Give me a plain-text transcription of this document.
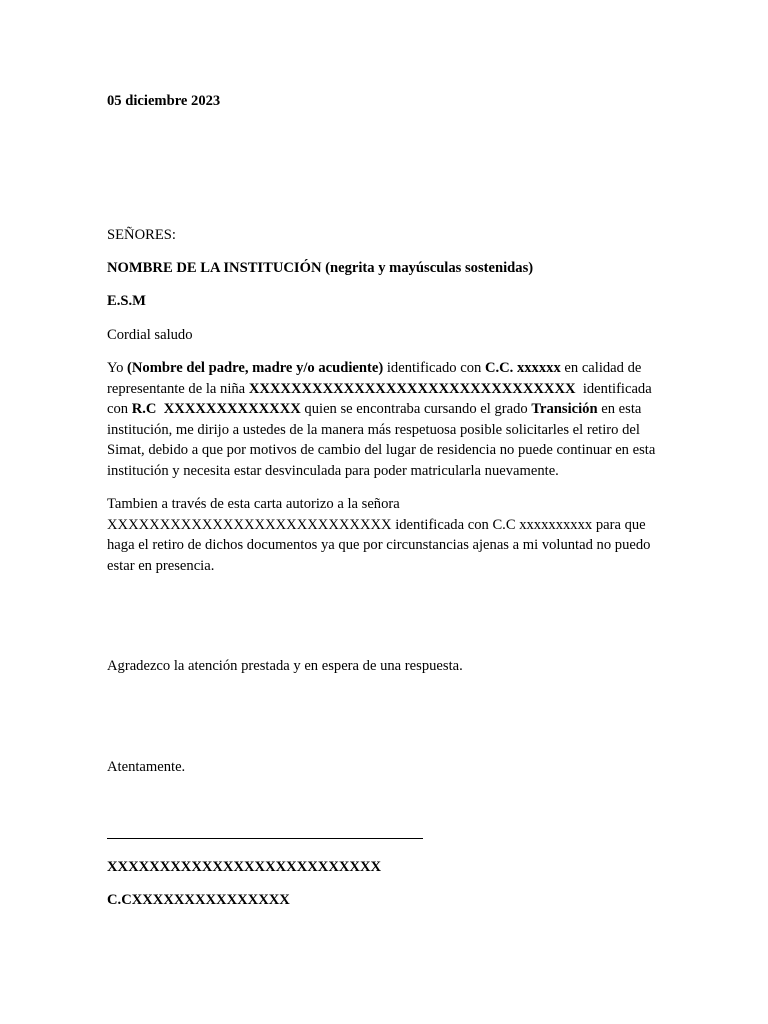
05 diciembre 2023

SEÑORES:

NOMBRE DE LA INSTITUCIÓN (negrita y mayúsculas sostenidas)

E.S.M

Cordial saludo

Yo (Nombre del padre, madre y/o acudiente) identificado con C.C. xxxxxx en calidad de representante de la niña XXXXXXXXXXXXXXXXXXXXXXXXXXXXXXX  identificada con R.C  XXXXXXXXXXXXX quien se encontraba cursando el grado Transición en esta institución, me dirijo a ustedes de la manera más respetuosa posible solicitarles el retiro del Simat, debido a que por motivos de cambio del lugar de residencia no puede continuar en esta institución y necesita estar desvinculada para poder matricularla nuevamente.

Tambien a través de esta carta autorizo a la señora XXXXXXXXXXXXXXXXXXXXXXXXXXX identificada con C.C xxxxxxxxxx para que haga el retiro de dichos documentos ya que por circunstancias ajenas a mi voluntad no puedo estar en presencia.

Agradezco la atención prestada y en espera de una respuesta.

Atentamente.

XXXXXXXXXXXXXXXXXXXXXXXXXX

C.CXXXXXXXXXXXXXXX
